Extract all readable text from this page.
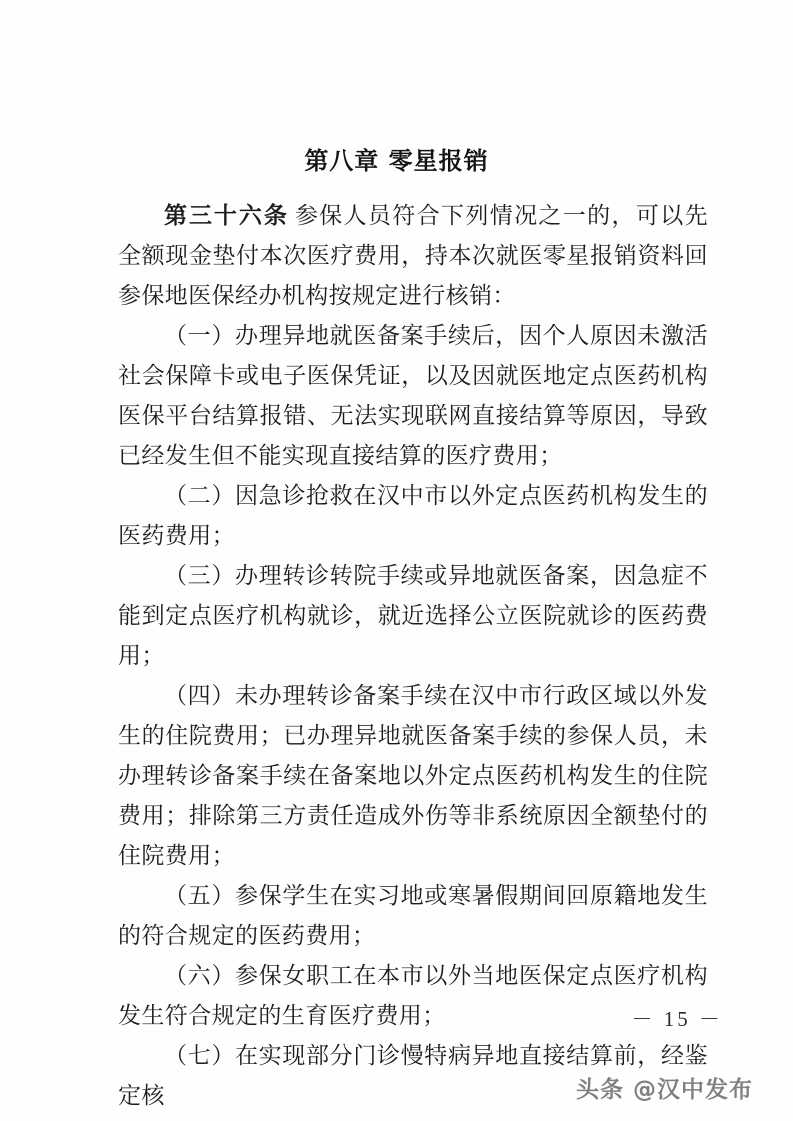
第八章 零星报销

第三十六条 参保人员符合下列情况之一的，可以先全额现金垫付本次医疗费用，持本次就医零星报销资料回参保地医保经办机构按规定进行核销：

（一）办理异地就医备案手续后，因个人原因未激活社会保障卡或电子医保凭证，以及因就医地定点医药机构医保平台结算报错、无法实现联网直接结算等原因，导致已经发生但不能实现直接结算的医疗费用；

（二）因急诊抢救在汉中市以外定点医药机构发生的医药费用；

（三）办理转诊转院手续或异地就医备案，因急症不能到定点医疗机构就诊，就近选择公立医院就诊的医药费用；

（四）未办理转诊备案手续在汉中市行政区域以外发生的住院费用；已办理异地就医备案手续的参保人员，未办理转诊备案手续在备案地以外定点医药机构发生的住院费用；排除第三方责任造成外伤等非系统原因全额垫付的住院费用；

（五）参保学生在实习地或寒暑假期间回原籍地发生的符合规定的医药费用；

（六）参保女职工在本市以外当地医保定点医疗机构发生符合规定的生育医疗费用；

（七）在实现部分门诊慢特病异地直接结算前，经鉴定核

－ 15 －
头条 @汉中发布
